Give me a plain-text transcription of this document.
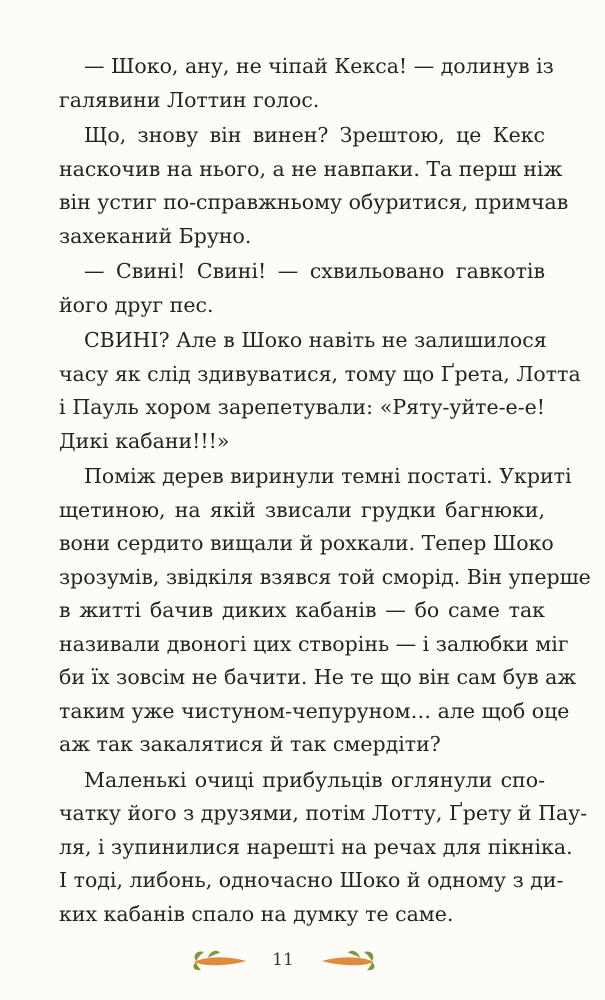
— Шоко, ану, не чіпай Кекса! — долинув із
галявини Лоттин голос.
Що, знову він винен? Зрештою, це Кекс
наскочив на нього, а не навпаки. Та перш ніж
він устиг по-справжньому обуритися, примчав
захеканий Бруно.
— Свині! Свині! — схвильовано гавкотів
його друг пес.
СВИНІ? Але в Шоко навіть не залишилося
часу як слід здивуватися, тому що Ґрета, Лотта
і Пауль хором зарепетували: «Ряту-уйте-е-е!
Дикі кабани!!!»
Поміж дерев виринули темні постаті. Укриті
щетиною, на якій звисали грудки багнюки,
вони сердито вищали й рохкали. Тепер Шоко
зрозумів, звідкіля взявся той сморід. Він уперше
в житті бачив диких кабанів — бо саме так
називали двоногі цих створінь — і залюбки міг
би їх зовсім не бачити. Не те що він сам був аж
таким уже чистуном-чепуруном… але щоб оце
аж так закалятися й так смердіти?
Маленькі очиці прибульців оглянули спо-
чатку його з друзями, потім Лотту, Ґрету й Пау-
ля, і зупинилися нарешті на речах для пікніка.
І тоді, либонь, одночасно Шоко й одному з ди-
ких кабанів спало на думку те саме.
11
